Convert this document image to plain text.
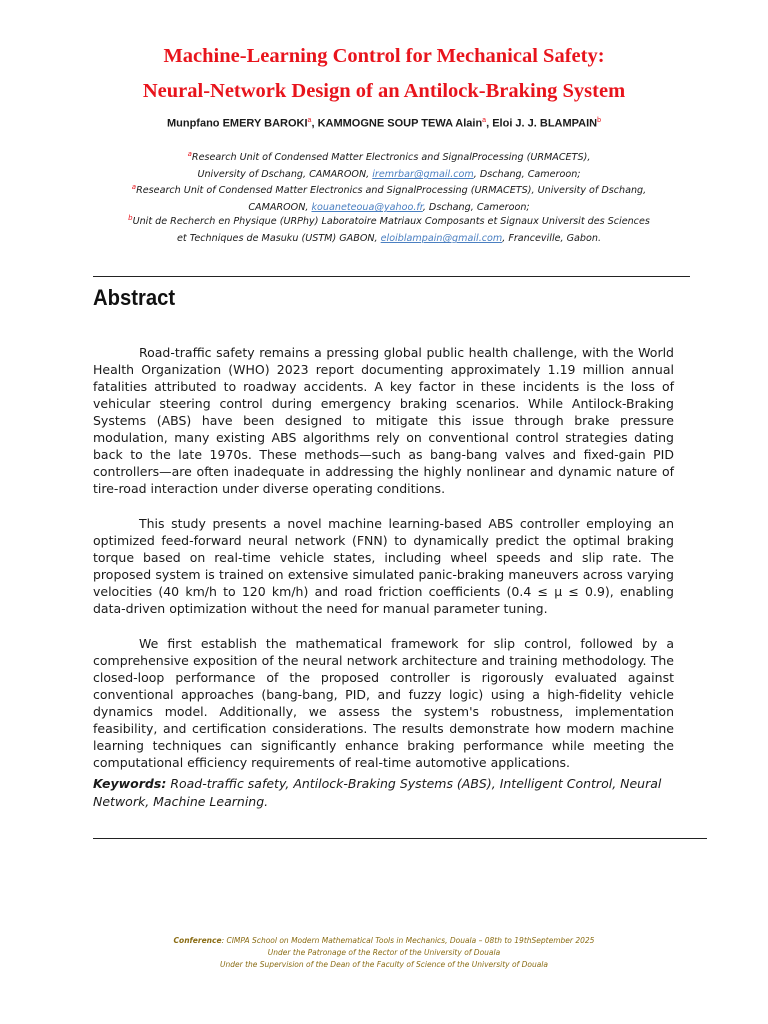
Machine-Learning Control for Mechanical Safety:
Neural-Network Design of an Antilock-Braking System
Munpfano EMERY BAROKI$^a$, KAMMOGNE SOUP TEWA Alain$^a$, Eloi J. J. BLAMPAIN$^b$
$^a$Research Unit of Condensed Matter Electronics and SignalProcessing (URMACETS),
University of Dschang, CAMAROON, iremrbar@gmail.com, Dschang, Cameroon;
$^a$Research Unit of Condensed Matter Electronics and SignalProcessing (URMACETS), University of Dschang,
CAMAROON, kouaneteoua@yahoo.fr, Dschang, Cameroon;
$^b$Unit de Recherch en Physique (URPhy) Laboratoire Matriaux Composants et Signaux Universit des Sciences
et Techniques de Masuku (USTM) GABON, eloiblampain@gmail.com, Franceville, Gabon.
Abstract

Road-traffic safety remains a pressing global public health challenge, with the World Health Organization (WHO) 2023 report documenting approximately 1.19 million annual fatalities attributed to roadway accidents. A key factor in these incidents is the loss of vehicular steering control during emergency braking scenarios. While Antilock-Braking Systems (ABS) have been designed to mitigate this issue through brake pressure modulation, many existing ABS algorithms rely on conventional control strategies dating back to the late 1970s. These methods—such as bang-bang valves and fixed-gain PID controllers—are often inadequate in addressing the highly nonlinear and dynamic nature of tire-road interaction under diverse operating conditions.

This study presents a novel machine learning-based ABS controller employing an optimized feed-forward neural network (FNN) to dynamically predict the optimal braking torque based on real-time vehicle states, including wheel speeds and slip rate. The proposed system is trained on extensive simulated panic-braking maneuvers across varying velocities (40 km/h to 120 km/h) and road friction coefficients (0.4 ≤ μ ≤ 0.9), enabling data-driven optimization without the need for manual parameter tuning.

We first establish the mathematical framework for slip control, followed by a comprehensive exposition of the neural network architecture and training methodology. The closed-loop performance of the proposed controller is rigorously evaluated against conventional approaches (bang-bang, PID, and fuzzy logic) using a high-fidelity vehicle dynamics model. Additionally, we assess the system's robustness, implementation feasibility, and certification considerations. The results demonstrate how modern machine learning techniques can significantly enhance braking performance while meeting the computational efficiency requirements of real-time automotive applications.

Keywords: Road-traffic safety, Antilock-Braking Systems (ABS), Intelligent Control, Neural Network, Machine Learning.
Conference: CIMPA School on Modern Mathematical Tools in Mechanics, Douala – 08th to 19thSeptember 2025
Under the Patronage of the Rector of the University of Douala
Under the Supervision of the Dean of the Faculty of Science of the University of Douala
